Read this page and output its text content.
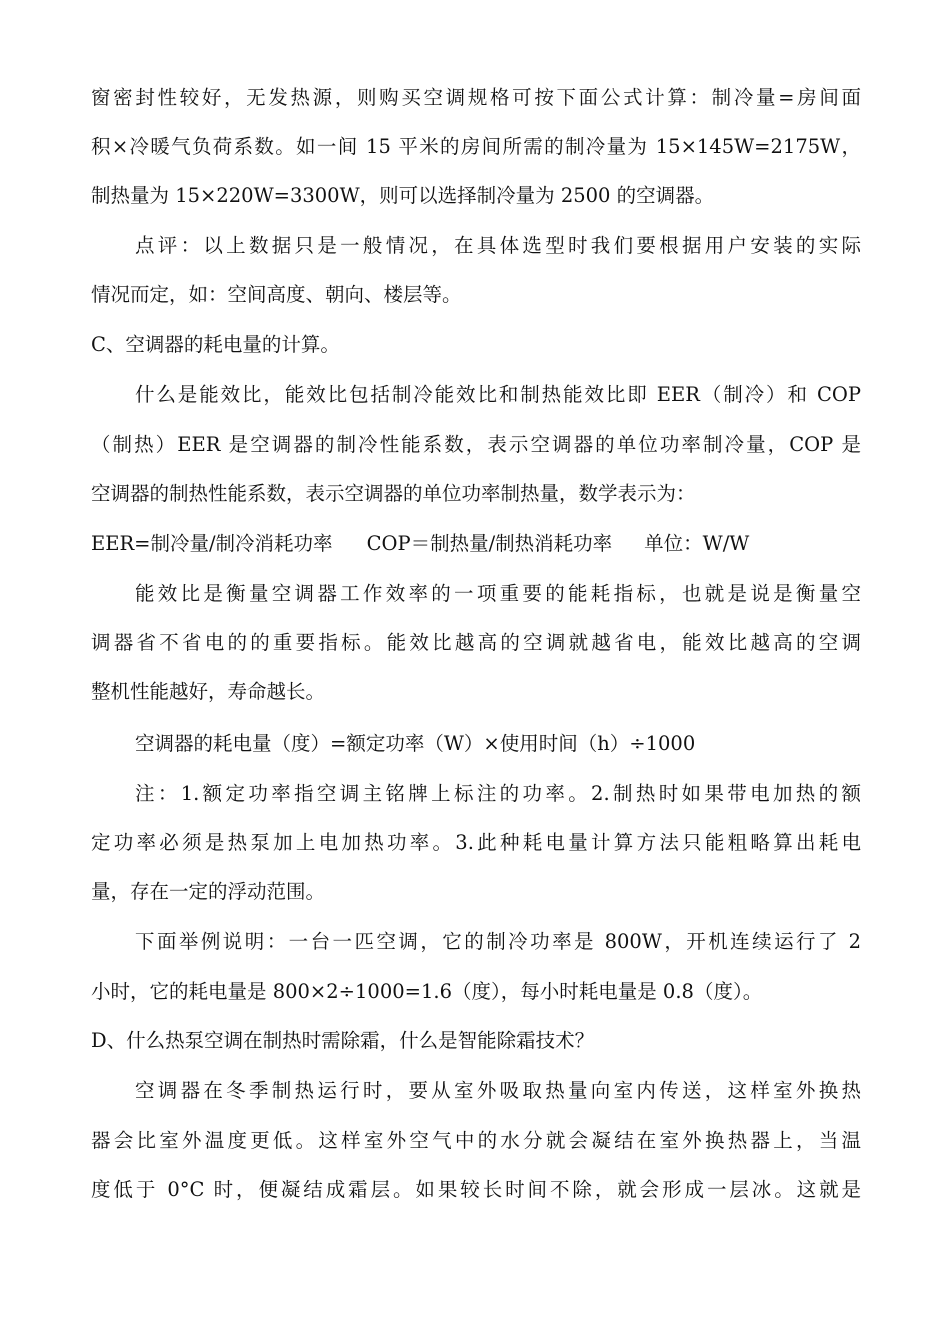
窗密封性较好，无发热源，则购买空调规格可按下面公式计算：制冷量=房间面
积×冷暖气负荷系数。如一间 15 平米的房间所需的制冷量为 15×145W=2175W，
制热量为 15×220W=3300W，则可以选择制冷量为 2500 的空调器。
点评：以上数据只是一般情况，在具体选型时我们要根据用户安装的实际
情况而定，如：空间高度、朝向、楼层等。
C、空调器的耗电量的计算。
什么是能效比，能效比包括制冷能效比和制热能效比即 EER（制冷）和 COP
（制热）EER 是空调器的制冷性能系数，表示空调器的单位功率制冷量，COP 是
空调器的制热性能系数，表示空调器的单位功率制热量，数学表示为：
EER=制冷量/制冷消耗功率 COP＝制热量/制热消耗功率 单位：W/W
能效比是衡量空调器工作效率的一项重要的能耗指标，也就是说是衡量空
调器省不省电的的重要指标。能效比越高的空调就越省电，能效比越高的空调
整机性能越好，寿命越长。
空调器的耗电量（度）=额定功率（W）×使用时间（h）÷1000
注：1.额定功率指空调主铭牌上标注的功率。2.制热时如果带电加热的额
定功率必须是热泵加上电加热功率。3.此种耗电量计算方法只能粗略算出耗电
量，存在一定的浮动范围。
下面举例说明：一台一匹空调，它的制冷功率是 800W，开机连续运行了 2
小时，它的耗电量是 800×2÷1000=1.6（度），每小时耗电量是 0.8（度）。
D、什么热泵空调在制热时需除霜，什么是智能除霜技术？
空调器在冬季制热运行时，要从室外吸取热量向室内传送，这样室外换热
器会比室外温度更低。这样室外空气中的水分就会凝结在室外换热器上，当温
度低于 0°C 时，便凝结成霜层。如果较长时间不除，就会形成一层冰。这就是
